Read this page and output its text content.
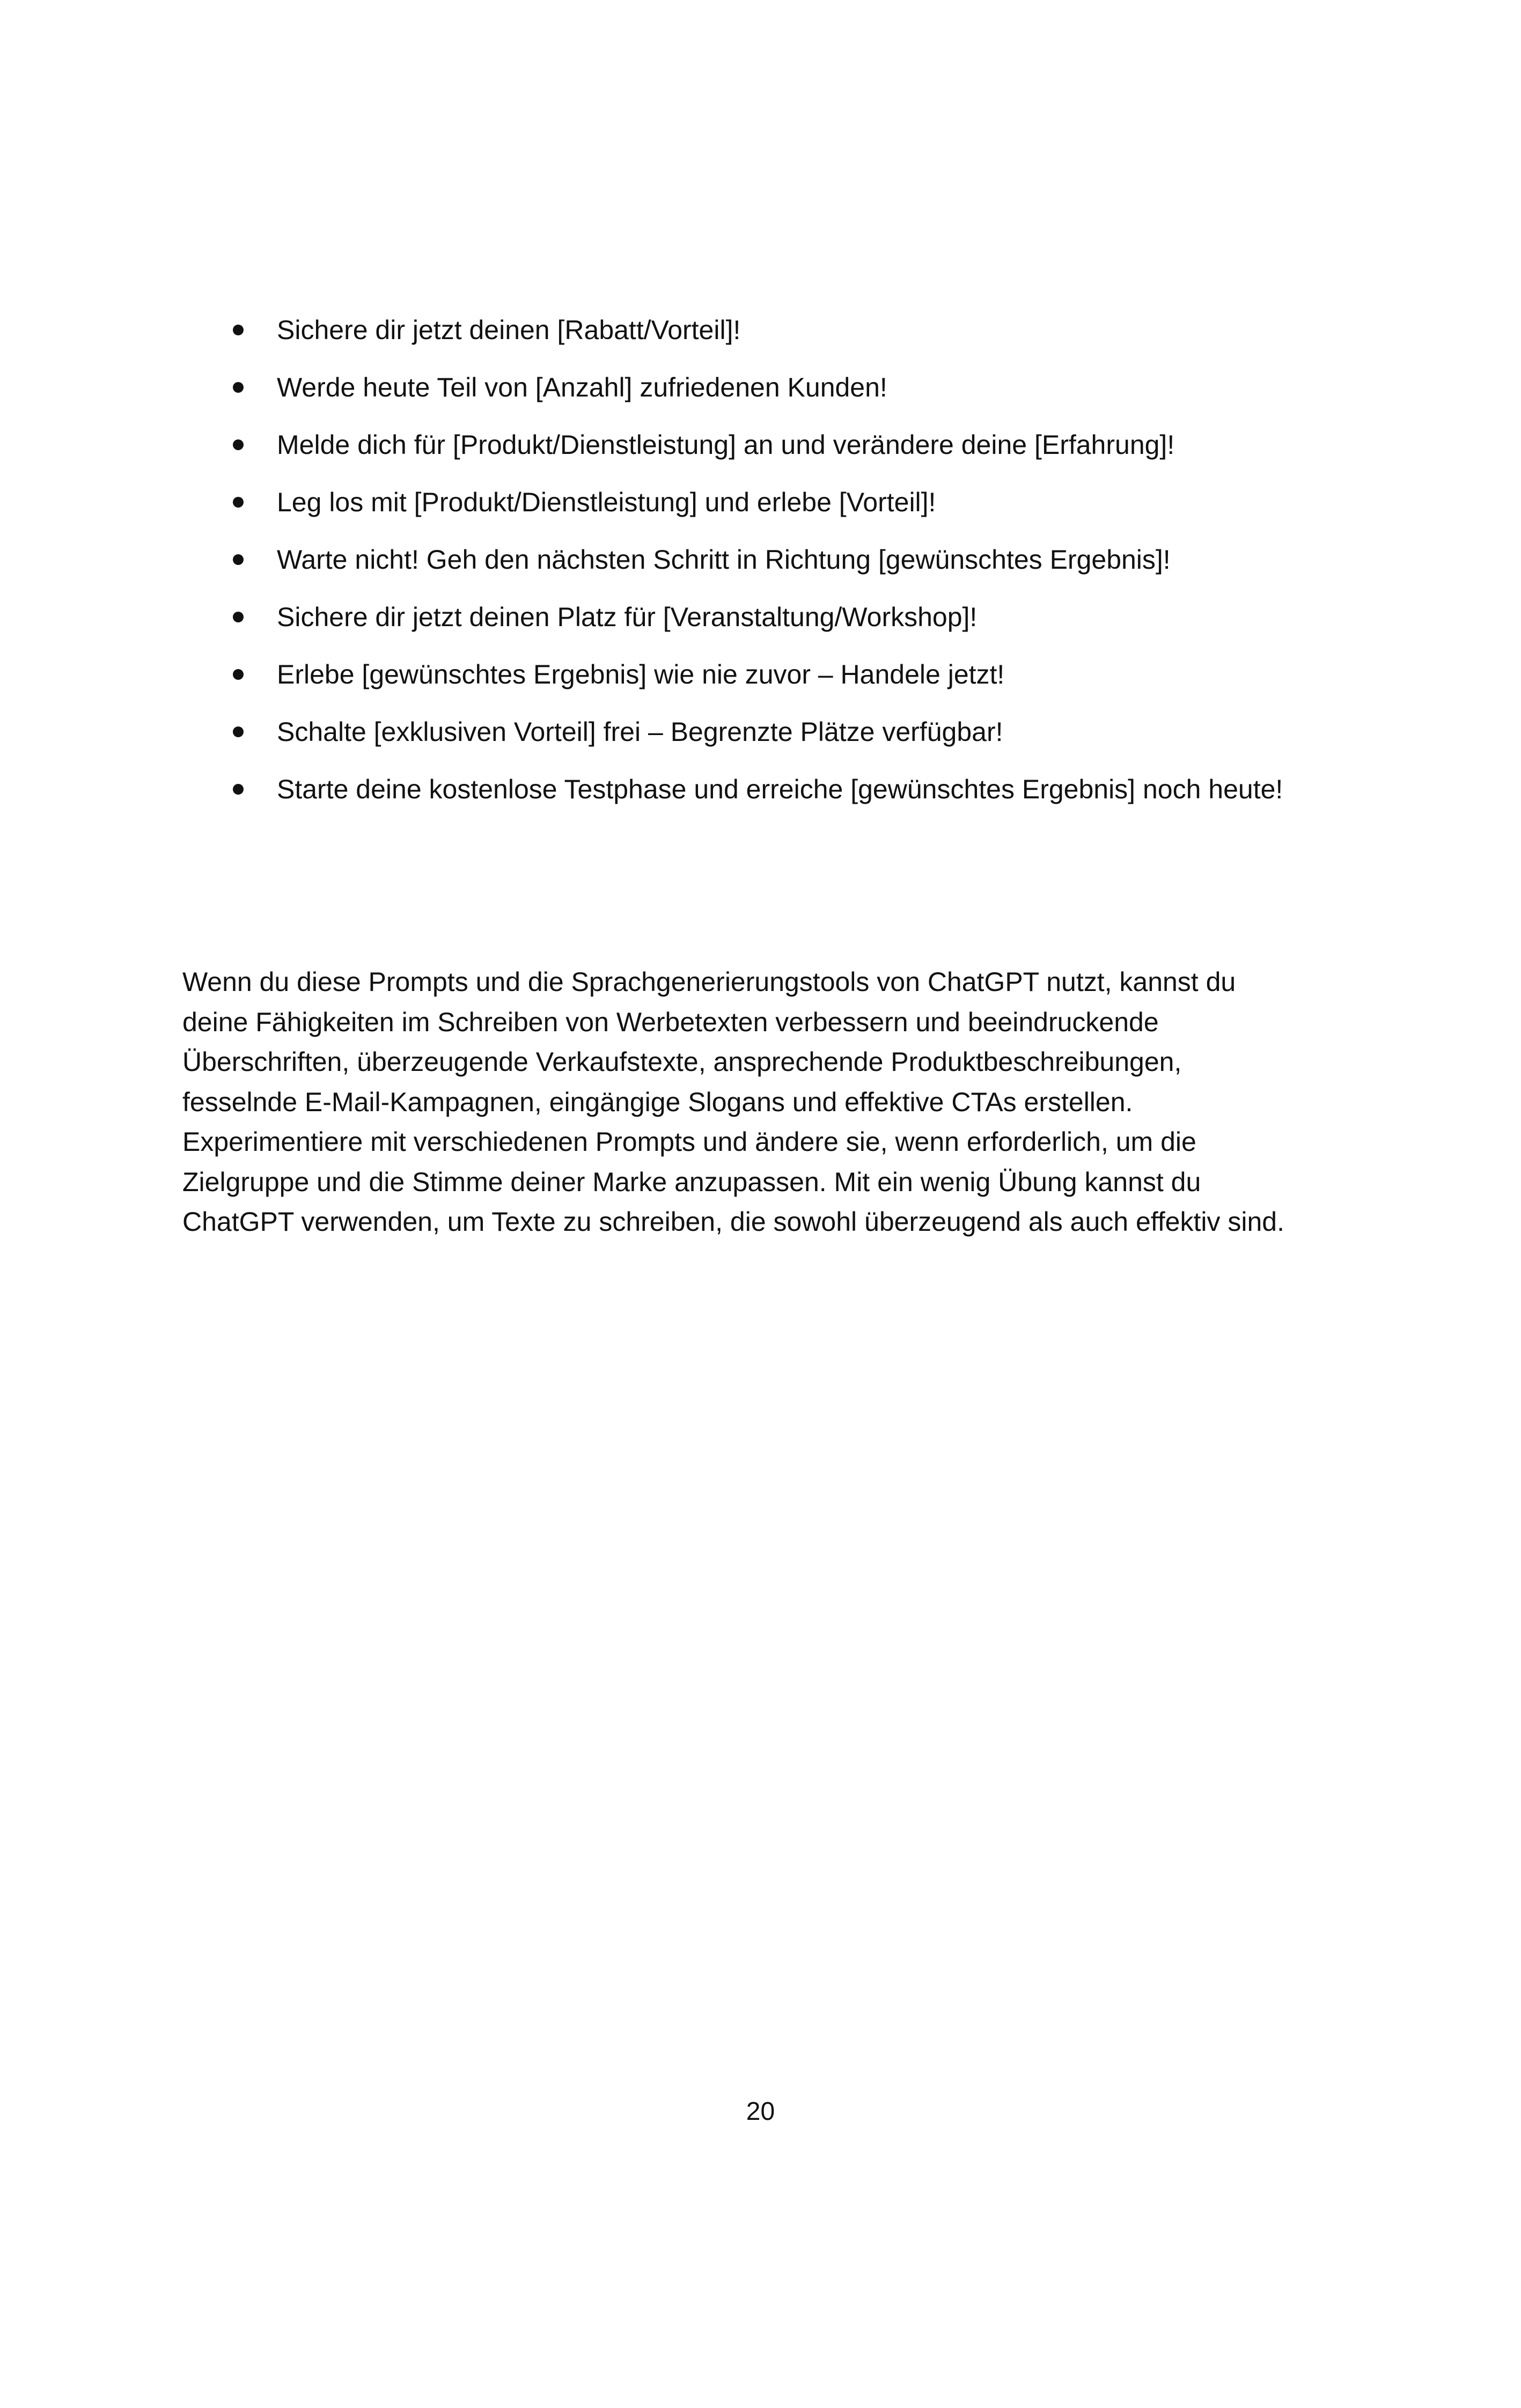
Sichere dir jetzt deinen [Rabatt/Vorteil]!
Werde heute Teil von [Anzahl] zufriedenen Kunden!
Melde dich für [Produkt/Dienstleistung] an und verändere deine [Erfahrung]!
Leg los mit [Produkt/Dienstleistung] und erlebe [Vorteil]!
Warte nicht! Geh den nächsten Schritt in Richtung [gewünschtes Ergebnis]!
Sichere dir jetzt deinen Platz für [Veranstaltung/Workshop]!
Erlebe [gewünschtes Ergebnis] wie nie zuvor – Handele jetzt!
Schalte [exklusiven Vorteil] frei – Begrenzte Plätze verfügbar!
Starte deine kostenlose Testphase und erreiche [gewünschtes Ergebnis] noch heute!

Wenn du diese Prompts und die Sprachgenerierungstools von ChatGPT nutzt, kannst du
deine Fähigkeiten im Schreiben von Werbetexten verbessern und beeindruckende
Überschriften, überzeugende Verkaufstexte, ansprechende Produktbeschreibungen,
fesselnde E-Mail-Kampagnen, eingängige Slogans und effektive CTAs erstellen.
Experimentiere mit verschiedenen Prompts und ändere sie, wenn erforderlich, um die
Zielgruppe und die Stimme deiner Marke anzupassen. Mit ein wenig Übung kannst du
ChatGPT verwenden, um Texte zu schreiben, die sowohl überzeugend als auch effektiv sind.

20
